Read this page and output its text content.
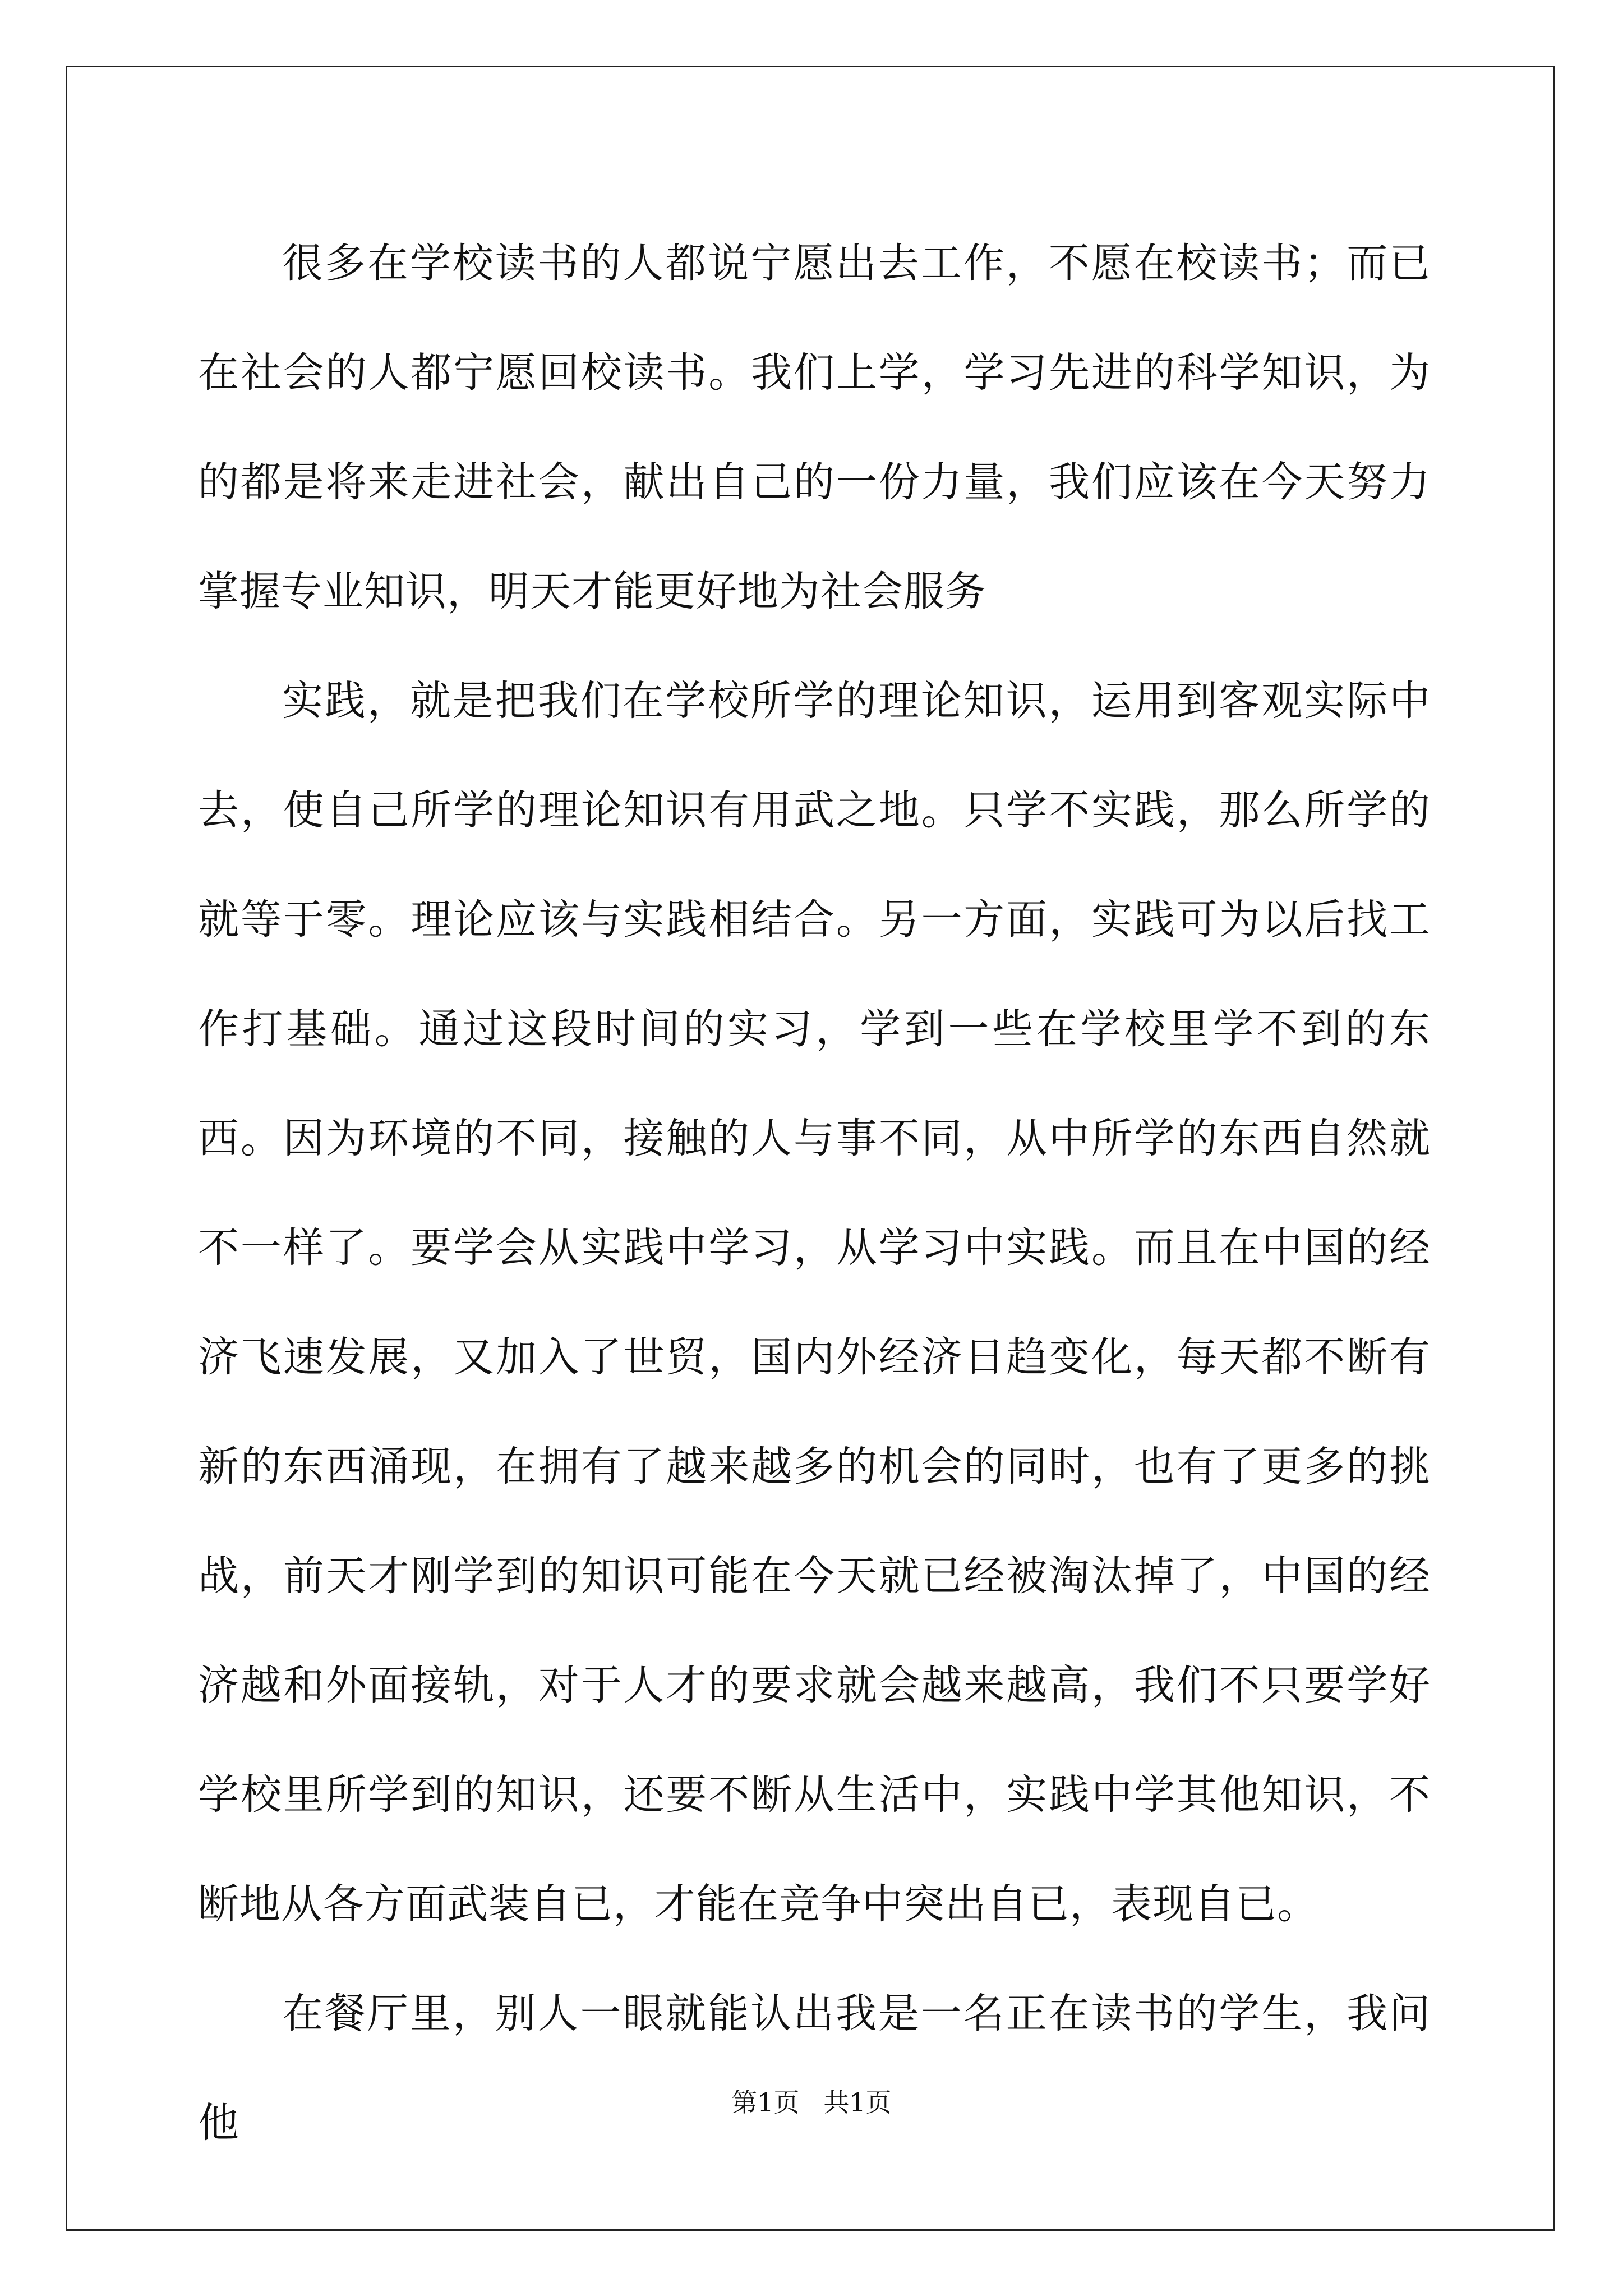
很多在学校读书的人都说宁愿出去工作，不愿在校读书；而已在社会的人都宁愿回校读书。我们上学，学习先进的科学知识，为的都是将来走进社会，献出自己的一份力量，我们应该在今天努力掌握专业知识，明天才能更好地为社会服务

实践，就是把我们在学校所学的理论知识，运用到客观实际中去，使自己所学的理论知识有用武之地。只学不实践，那么所学的就等于零。理论应该与实践相结合。另一方面，实践可为以后找工作打基础。通过这段时间的实习，学到一些在学校里学不到的东西。因为环境的不同，接触的人与事不同，从中所学的东西自然就不一样了。要学会从实践中学习，从学习中实践。而且在中国的经济飞速发展，又加入了世贸，国内外经济日趋变化，每天都不断有新的东西涌现，在拥有了越来越多的机会的同时，也有了更多的挑战，前天才刚学到的知识可能在今天就已经被淘汰掉了，中国的经济越和外面接轨，对于人才的要求就会越来越高，我们不只要学好学校里所学到的知识，还要不断从生活中，实践中学其他知识，不断地从各方面武装自已，才能在竞争中突出自已，表现自已。

在餐厅里，别人一眼就能认出我是一名正在读书的学生，我问他	第1页 共1页
